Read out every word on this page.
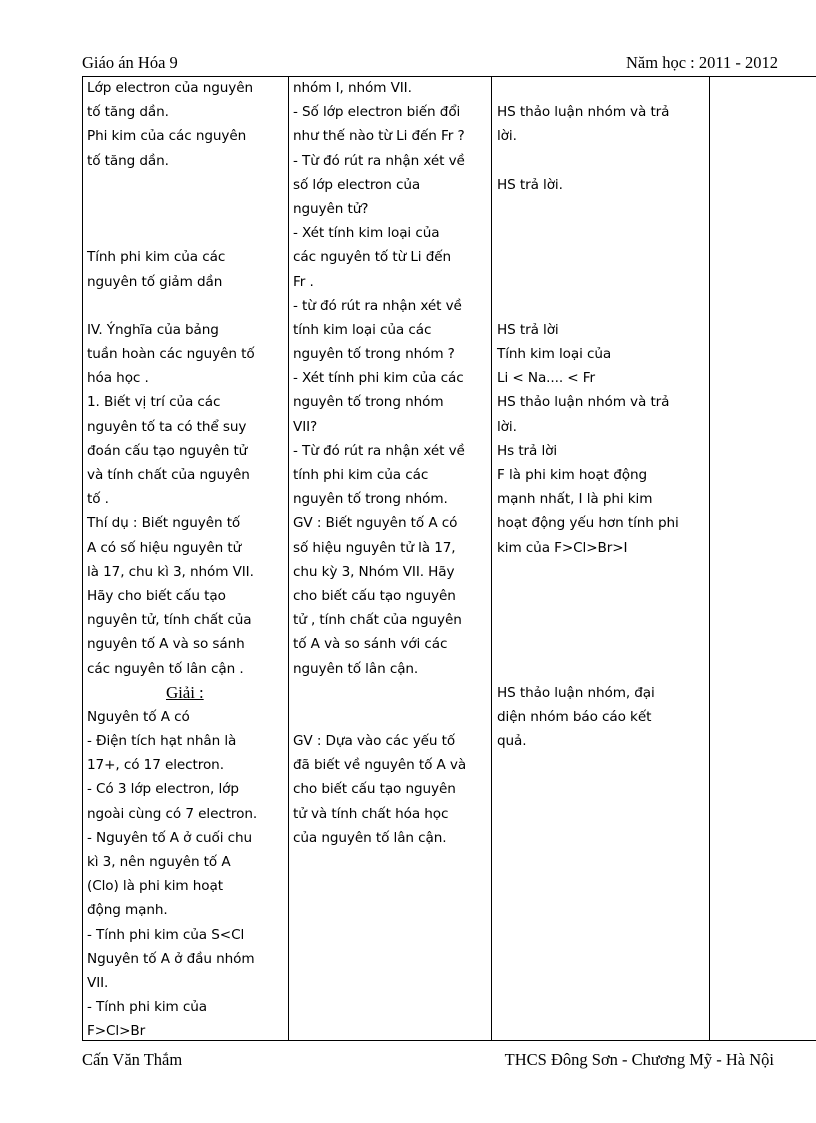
Giáo án Hóa 9	Năm học : 2011 - 2012
Lớp electron của nguyên
tố tăng dần.
Phi kim của các nguyên
tố tăng dần.
Tính phi kim của các
nguyên tố giảm dần
IV. Ýnghĩa của bảng
tuần hoàn các nguyên tố
hóa học .
1. Biết vị trí của các
nguyên tố ta có thể suy
đoán cấu tạo nguyên tử
và tính chất của nguyên
tố .
Thí dụ : Biết nguyên tố
A có số hiệu nguyên tử
là 17, chu kì 3, nhóm VII.
Hãy cho biết cấu tạo
nguyên tử, tính chất của
nguyên tố A và so sánh
các nguyên tố lân cận .
Giải :
Nguyên tố A có
- Điện tích hạt nhân là
17+, có 17 electron.
- Có 3 lớp electron, lớp
ngoài cùng có 7 electron.
- Nguyên tố A ở cuối chu
kì 3, nên nguyên tố A
(Clo) là phi kim hoạt
động mạnh.
- Tính phi kim của S<Cl
Nguyên tố A ở đầu nhóm
VII.
- Tính phi kim của
F>Cl>Br
nhóm I, nhóm VII.
- Số lớp electron biến đổi
như thế nào từ Li đến Fr ?
- Từ đó rút ra nhận xét về
số lớp electron của
nguyên tử?
- Xét tính kim loại của
các nguyên tố từ Li đến
Fr .
- từ đó rút ra nhận xét về
tính kim loại của các
nguyên tố trong nhóm ?
- Xét tính phi kim của các
nguyên tố trong nhóm
VII?
- Từ đó rút ra nhận xét về
tính phi kim của các
nguyên tố trong nhóm.
GV : Biết nguyên tố A có
số hiệu nguyên tử là 17,
chu kỳ 3, Nhóm VII. Hãy
cho biết cấu tạo nguyên
tử , tính chất của nguyên
tố A và so sánh với các
nguyên tố lân cận.
GV : Dựa vào các yếu tố
đã biết về nguyên tố A và
cho biết cấu tạo nguyên
tử và tính chất hóa học
của nguyên tố lân cận.
HS thảo luận nhóm và trả
lời.
HS trả lời.
HS trả lời
Tính kim loại của
Li < Na.... < Fr
HS thảo luận nhóm và trả
lời.
Hs trả lời
F là phi kim hoạt động
mạnh nhất, I là phi kim
hoạt động yếu hơn tính phi
kim của F>Cl>Br>I
HS thảo luận nhóm, đại
diện nhóm báo cáo kết
quả.
Cấn Văn Thắm	THCS Đông Sơn - Chương Mỹ - Hà Nội
